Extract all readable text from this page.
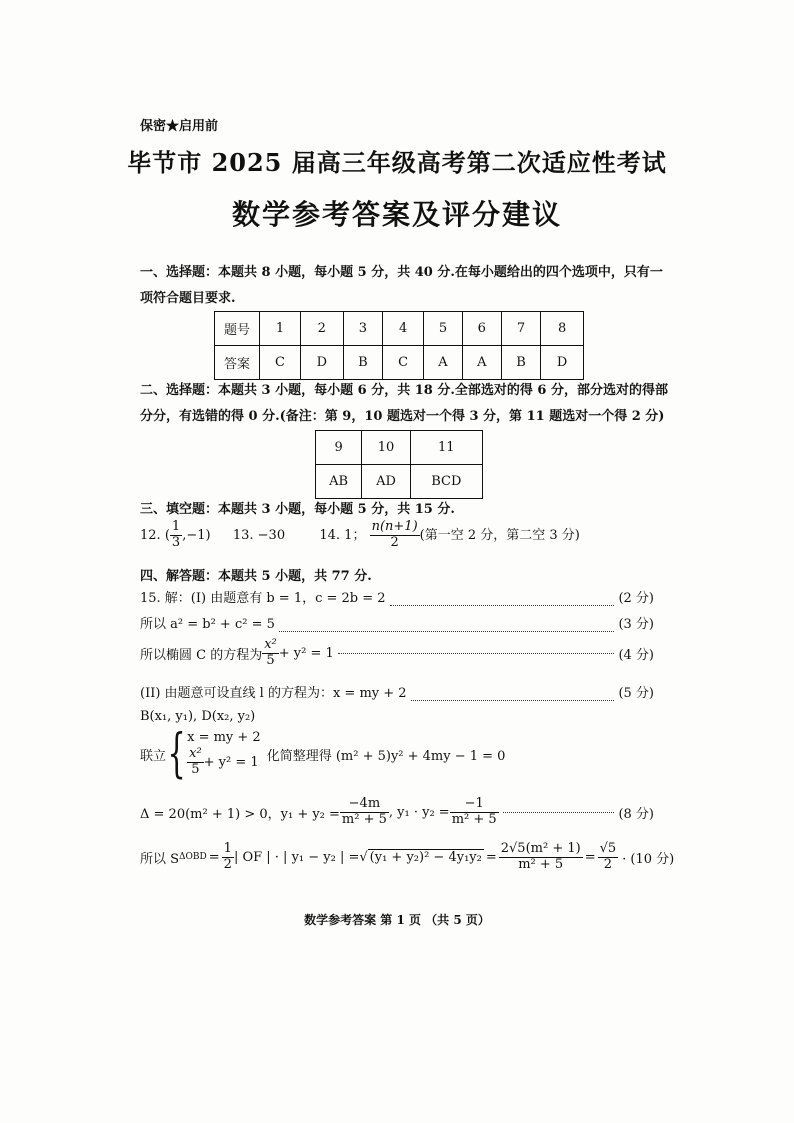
保密★启用前
毕节市 2025 届高三年级高考第二次适应性考试
数学参考答案及评分建议
一、选择题：本题共 8 小题，每小题 5 分，共 40 分.在每小题给出的四个选项中，只有一
项符合题目要求.
题号	1	2	3	4	5	6	7	8
答案	C	D	B	C	A	A	B	D
二、选择题：本题共 3 小题，每小题 6 分，共 18 分.全部选对的得 6 分，部分选对的得部
分分，有选错的得 0 分.(备注：第 9，10 题选对一个得 3 分，第 11 题选对一个得 2 分)
9	10	11
AB	AD	BCD
三、填空题：本题共 3 小题，每小题 5 分，共 15 分.
12. ( $\frac{1}{3} ,-1$) 13. −30	14. 1； $\frac{n(n+1)}{2}$ (第一空 2 分，第二空 3 分)
四、解答题：本题共 5 小题，共 77 分.
15. 解：(I) 由题意有 b = 1，c = 2b = 2	(2 分)
所以 a² = b² + c² = 5	(3 分)
所以椭圆 C 的方程为 $\frac{\text{x²}}{5} + y^2 = 1$	(4 分)
(II) 由题意可设直线 l 的方程为：x = my + 2	(5 分)
B(x₁, y₁), D(x₂, y₂)
联立 { x = my + 2
$\frac{\text{x²}}{5} + y^2 = 1$ 化简整理得 (m² + 5)y² + 4my − 1 = 0
Δ = 20(m² + 1) > 0，$y_1 + y_2 = \frac{-4m}{\text{m² + 5}}$ , $y_1 \cdot y_2 = \frac{-1}{\text{m² + 5}}$	(8 分)
所以 S $\Delta OBD = \frac{1}{2}$ | OF | · | y₁ − y₂ | = √ $(y_1 + y_2)^2 - 4y_1y_2 = \frac{\text{2√5(m² + 1)}}{\text{m² + 5}} = \frac{√5}{2} \cdot (10$ 分)
数学参考答案 第 1 页 （共 5 页）
